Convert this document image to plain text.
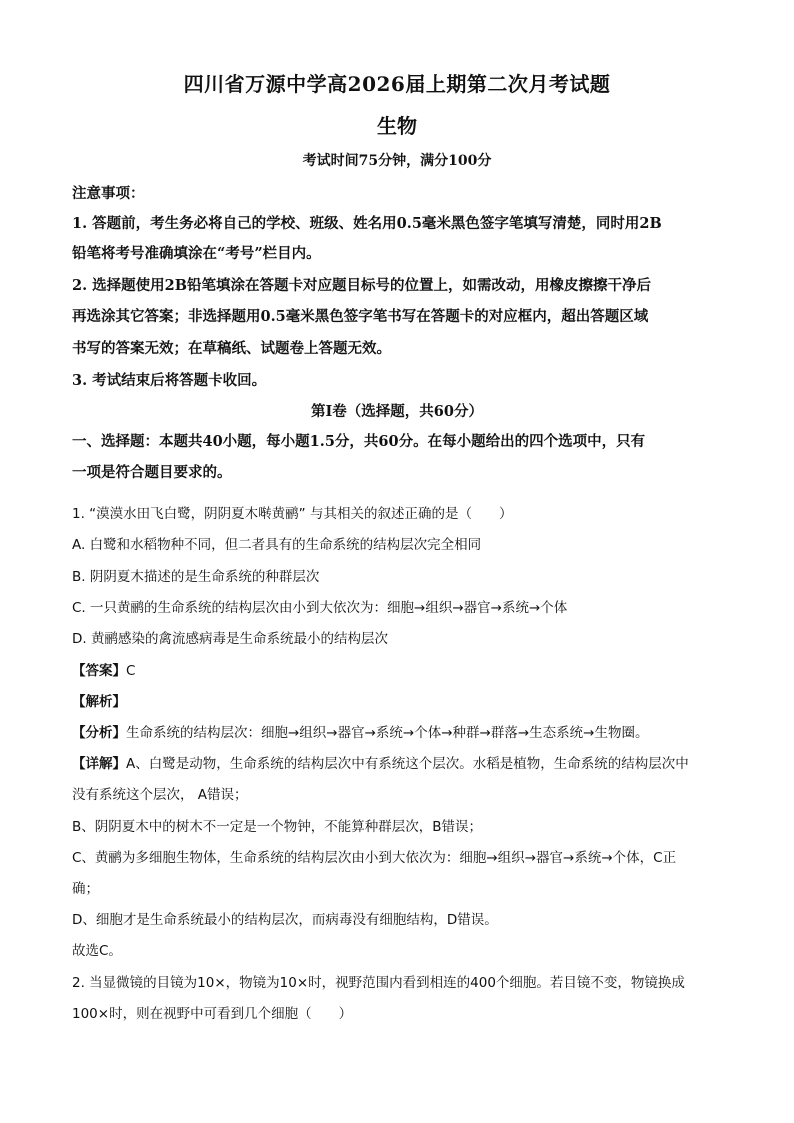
四川省万源中学高2026届上期第二次月考试题
生物
考试时间75分钟，满分100分
注意事项：
1. 答题前，考生务必将自己的学校、班级、姓名用0.5毫米黑色签字笔填写清楚，同时用2B
铅笔将考号准确填涂在“考号”栏目内。
2. 选择题使用2B铅笔填涂在答题卡对应题目标号的位置上，如需改动，用橡皮擦擦干净后
再选涂其它答案；非选择题用0.5毫米黑色签字笔书写在答题卡的对应框内，超出答题区域
书写的答案无效；在草稿纸、试题卷上答题无效。
3. 考试结束后将答题卡收回。
第Ⅰ卷（选择题，共60分）
一、选择题：本题共40小题，每小题1.5分，共60分。在每小题给出的四个选项中，只有
一项是符合题目要求的。
1. “漠漠水田飞白鹭，阴阴夏木啭黄鹂” 与其相关的叙述正确的是（　　）
A. 白鹭和水稻物种不同，但二者具有的生命系统的结构层次完全相同
B. 阴阴夏木描述的是生命系统的种群层次
C. 一只黄鹂的生命系统的结构层次由小到大依次为：细胞→组织→器官→系统→个体
D. 黄鹂感染的禽流感病毒是生命系统最小的结构层次
【答案】C
【解析】
【分析】生命系统的结构层次：细胞→组织→器官→系统→个体→种群→群落→生态系统→生物圈。
【详解】A、白鹭是动物，生命系统的结构层次中有系统这个层次。水稻是植物，生命系统的结构层次中
没有系统这个层次， A错误；
B、阴阴夏木中的树木不一定是一个物钟，不能算种群层次，B错误；
C、黄鹂为多细胞生物体，生命系统的结构层次由小到大依次为：细胞→组织→器官→系统→个体，C正
确；
D、细胞才是生命系统最小的结构层次，而病毒没有细胞结构，D错误。
故选C。
2. 当显微镜的目镜为10×，物镜为10×时，视野范围内看到相连的400个细胞。若目镜不变，物镜换成
100×时，则在视野中可看到几个细胞（　　）
